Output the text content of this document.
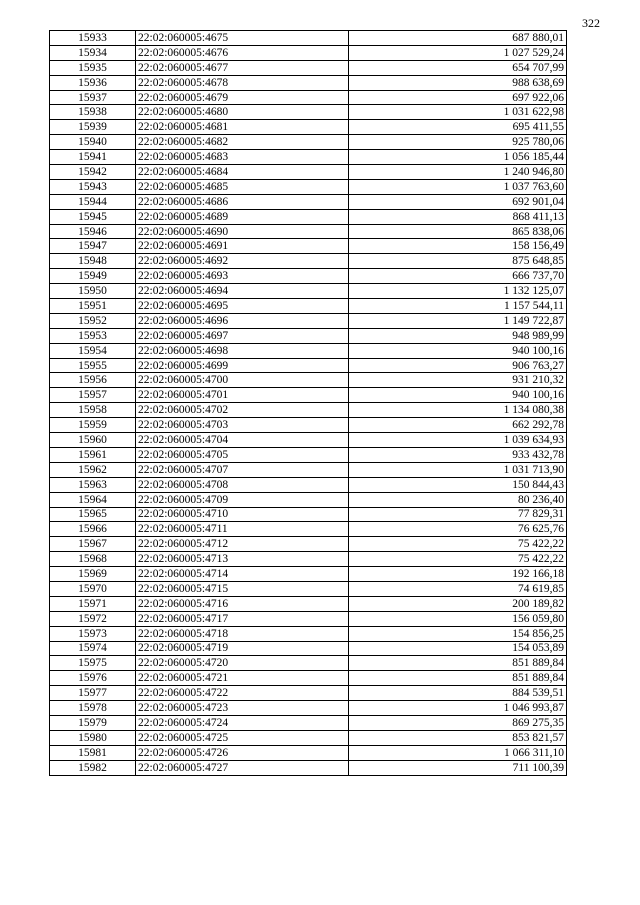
322
15933	22:02:060005:4675	687 880,01
15934	22:02:060005:4676	1 027 529,24
15935	22:02:060005:4677	654 707,99
15936	22:02:060005:4678	988 638,69
15937	22:02:060005:4679	697 922,06
15938	22:02:060005:4680	1 031 622,98
15939	22:02:060005:4681	695 411,55
15940	22:02:060005:4682	925 780,06
15941	22:02:060005:4683	1 056 185,44
15942	22:02:060005:4684	1 240 946,80
15943	22:02:060005:4685	1 037 763,60
15944	22:02:060005:4686	692 901,04
15945	22:02:060005:4689	868 411,13
15946	22:02:060005:4690	865 838,06
15947	22:02:060005:4691	158 156,49
15948	22:02:060005:4692	875 648,85
15949	22:02:060005:4693	666 737,70
15950	22:02:060005:4694	1 132 125,07
15951	22:02:060005:4695	1 157 544,11
15952	22:02:060005:4696	1 149 722,87
15953	22:02:060005:4697	948 989,99
15954	22:02:060005:4698	940 100,16
15955	22:02:060005:4699	906 763,27
15956	22:02:060005:4700	931 210,32
15957	22:02:060005:4701	940 100,16
15958	22:02:060005:4702	1 134 080,38
15959	22:02:060005:4703	662 292,78
15960	22:02:060005:4704	1 039 634,93
15961	22:02:060005:4705	933 432,78
15962	22:02:060005:4707	1 031 713,90
15963	22:02:060005:4708	150 844,43
15964	22:02:060005:4709	80 236,40
15965	22:02:060005:4710	77 829,31
15966	22:02:060005:4711	76 625,76
15967	22:02:060005:4712	75 422,22
15968	22:02:060005:4713	75 422,22
15969	22:02:060005:4714	192 166,18
15970	22:02:060005:4715	74 619,85
15971	22:02:060005:4716	200 189,82
15972	22:02:060005:4717	156 059,80
15973	22:02:060005:4718	154 856,25
15974	22:02:060005:4719	154 053,89
15975	22:02:060005:4720	851 889,84
15976	22:02:060005:4721	851 889,84
15977	22:02:060005:4722	884 539,51
15978	22:02:060005:4723	1 046 993,87
15979	22:02:060005:4724	869 275,35
15980	22:02:060005:4725	853 821,57
15981	22:02:060005:4726	1 066 311,10
15982	22:02:060005:4727	711 100,39
